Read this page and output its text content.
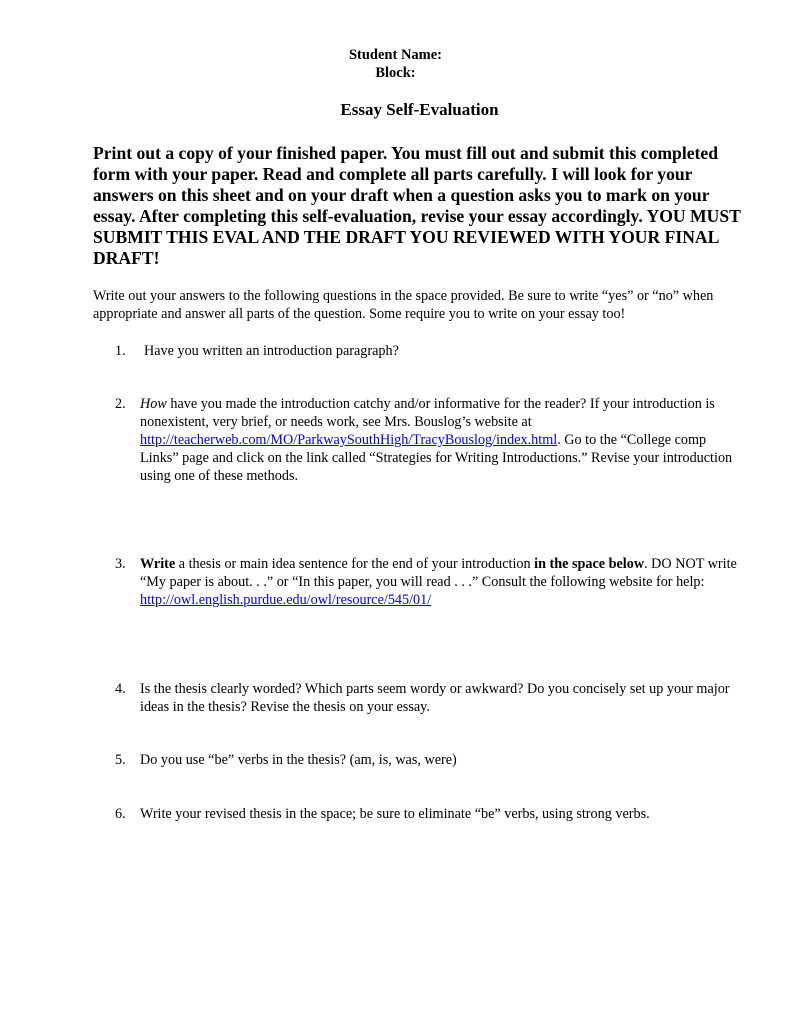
Student Name:
Block:
Essay Self-Evaluation
Print out a copy of your finished paper. You must fill out and submit this completed form with your paper. Read and complete all parts carefully. I will look for your answers on this sheet and on your draft when a question asks you to mark on your essay. After completing this self-evaluation, revise your essay accordingly. YOU MUST SUBMIT THIS EVAL AND THE DRAFT YOU REVIEWED WITH YOUR FINAL DRAFT!
Write out your answers to the following questions in the space provided. Be sure to write “yes” or “no” when appropriate and answer all parts of the question. Some require you to write on your essay too!
1. Have you written an introduction paragraph?
2. How have you made the introduction catchy and/or informative for the reader? If your introduction is nonexistent, very brief, or needs work, see Mrs. Bouslog’s website at http://teacherweb.com/MO/ParkwaySouthHigh/TracyBouslog/index.html. Go to the “College comp Links” page and click on the link called “Strategies for Writing Introductions.” Revise your introduction using one of these methods.
3. Write a thesis or main idea sentence for the end of your introduction in the space below. DO NOT write “My paper is about. . .” or “In this paper, you will read . . .” Consult the following website for help: http://owl.english.purdue.edu/owl/resource/545/01/
4. Is the thesis clearly worded? Which parts seem wordy or awkward? Do you concisely set up your major ideas in the thesis? Revise the thesis on your essay.
5. Do you use “be” verbs in the thesis? (am, is, was, were)
6. Write your revised thesis in the space; be sure to eliminate “be” verbs, using strong verbs.
